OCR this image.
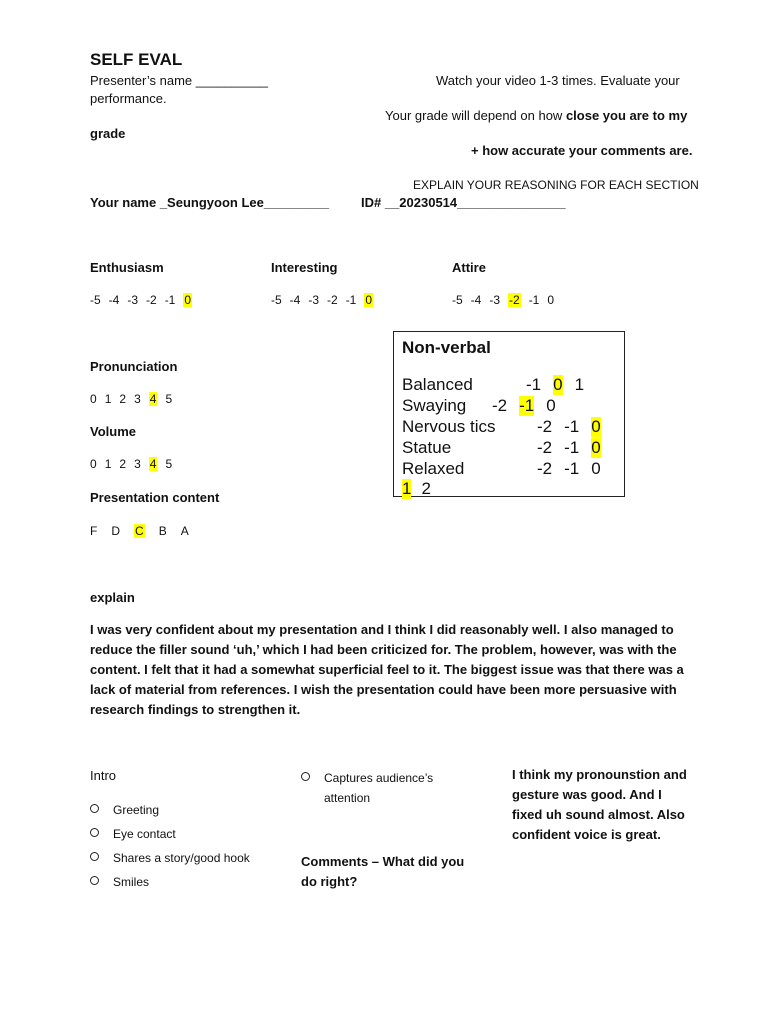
SELF EVAL
Presenter’s name __________	Watch your video 1-3 times. Evaluate your
performance.
Your grade will depend on how close you are to my
grade
+ how accurate your comments are.
EXPLAIN YOUR REASONING FOR EACH SECTION
Your name _Seungyoon Lee_________ ID# __20230514_______________
Enthusiasm
-5 -4 -3 -2 -1 0
Interesting
-5 -4 -3 -2 -1 0
Attire
-5 -4 -3 -2 -1 0
Pronunciation
0 1 2 3 4 5
Volume
0 1 2 3 4 5
Presentation content
F D C B A
Non-verbal
Balanced	-1 0 1
Swaying -2 -1 0
Nervous tics -2 -1 0
Statue	-2 -1 0
Relaxed	-2 -1 0
1 2
explain
I was very confident about my presentation and I think I did reasonably well. I also managed to reduce the filler sound ‘uh,’ which I had been criticized for. The problem, however, was with the content. I felt that it had a somewhat superficial feel to it. The biggest issue was that there was a lack of material from references. I wish the presentation could have been more persuasive with research findings to strengthen it.
Intro
Greeting
Eye contact
Shares a story/good hook
Smiles
Captures audience’s
attention
Comments – What did you do right?
I think my pronounstion and gesture was good. And I fixed uh sound almost. Also confident voice is great.
